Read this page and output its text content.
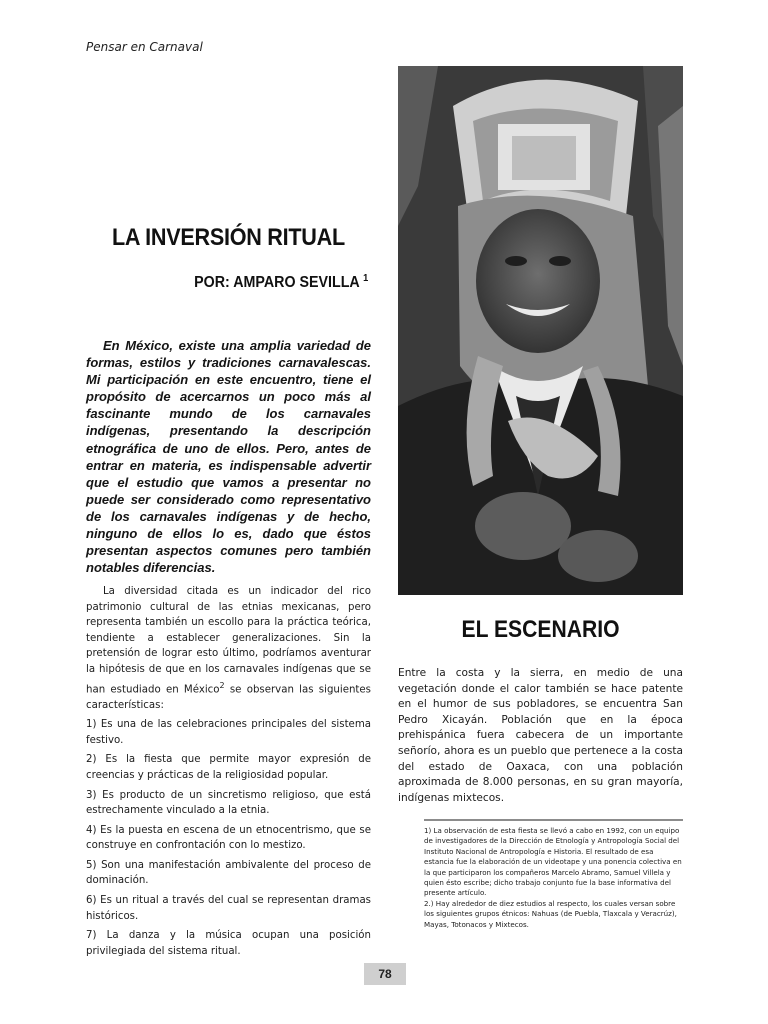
Pensar en Carnaval
LA INVERSIÓN RITUAL
POR: AMPARO SEVILLA $^1$

En México, existe una amplia variedad de formas, estilos y tradiciones carnavalescas. Mi participación en este encuentro, tiene el propósito de acercarnos un poco más al fascinante mundo de los carnavales indígenas, presentando la descripción etnográfica de uno de ellos. Pero, antes de entrar en materia, es indispensable advertir que el estudio que vamos a presentar no puede ser considerado como representativo de los carnavales indígenas y de hecho, ninguno de ellos lo es, dado que éstos presentan aspectos comunes pero también notables diferencias.

La diversidad citada es un indicador del rico patrimonio cultural de las etnias mexicanas, pero representa también un escollo para la práctica teórica, tendiente a establecer generalizaciones. Sin la pretensión de lograr esto último, podríamos aventurar la hipótesis de que en los carnavales indígenas que se han estudiado en México$^2$ se observan las siguientes características:

1) Es una de las celebraciones principales del sistema festivo.

2) Es la fiesta que permite mayor expresión de creencias y prácticas de la religiosidad popular.

3) Es producto de un sincretismo religioso, que está estrechamente vinculado a la etnia.

4) Es la puesta en escena de un etnocentrismo, que se construye en confrontación con lo mestizo.

5) Son una manifestación ambivalente del proceso de dominación.

6) Es un ritual a través del cual se representan dramas históricos.

7) La danza y la música ocupan una posición privilegiada del sistema ritual.

EL ESCENARIO

Entre la costa y la sierra, en medio de una vegetación donde el calor también se hace patente en el humor de sus pobladores, se encuentra San Pedro Xicayán. Población que en la época prehispánica fuera cabecera de un importante señorío, ahora es un pueblo que pertenece a la costa del estado de Oaxaca, con una población aproximada de 8.000 personas, en su gran mayoría, indígenas mixtecos.

1) La observación de esta fiesta se llevó a cabo en 1992, con un equipo de investigadores de la Dirección de Etnología y Antropología Social del Instituto Nacional de Antropología e Historia. El resultado de esa estancia fue la elaboración de un videotape y una ponencia colectiva en la que participaron los compañeros Marcelo Abramo, Samuel Villela y quien ésto escribe; dicho trabajo conjunto fue la base informativa del presente artículo.

2.) Hay alrededor de diez estudios al respecto, los cuales versan sobre los siguientes grupos étnicos: Nahuas (de Puebla, Tlaxcala y Veracrúz), Mayas, Totonacos y Mixtecos.

78
